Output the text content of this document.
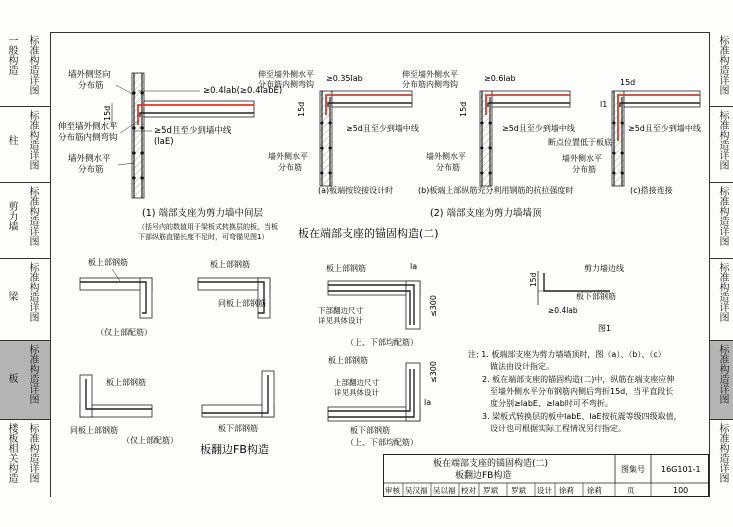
一般构造 标准构造详图
柱 标准构造详图
剪力墙 标准构造详图
梁 标准构造详图
板 标准构造详图
楼板相关构造 标准构造详图
标准构造详图
标准构造详图
标准构造详图
标准构造详图
标准构造详图
标准构造详图
≥0.4lab(≥0.4labE)
15d
≥5d且至少到墙中线
(laE)
墙外侧竖向
分布筋
伸至墙外侧水平
分布筋内侧弯钩
墙外侧水平
分布筋
(1) 端部支座为剪力墙中间层
（括号内的数值用于梁板式转换层的板，当板
下部纵筋直锚长度不足时，可弯锚见图1）
≥0.35lab
伸至墙外侧水平
分布筋内侧弯钩
15d
≥5d且至少到墙中线
墙外侧水平
分布筋
(a)板端按铰接设计时
≥0.6lab
伸至墙外侧水平
分布筋内侧弯钩
15d
≥5d且至少到墙中线
墙外侧水平
分布筋
(b)板端上部纵筋充分利用钢筋的抗拉强度时
l1
15d
≥5d且至少到墙中线
断点位置低于板底
墙外侧水平
分布筋
(c)搭接连接
(2) 端部支座为剪力墙墙顶
板在端部支座的锚固构造(二)
板上部钢筋
（仅上部配筋）
板上部钢筋
同板上部钢筋
板上部钢筋	la
下部翻边尺寸
详见具体设计
≤300
（上、下部均配筋）
板上部钢筋
同板上部钢筋
（仅上部配筋）
板下部钢筋
板上部钢筋
上部翻边尺寸
详见具体设计
≤300
la
板下部钢筋
（上、下部均配筋）
板翻边FB构造
剪力墙边线
板下部钢筋
15d
≥0.4lab
图1
注: 1. 板端部支座为剪力墙墙顶时，图（a）、（b）、（c）
做法由设计指定。
2. 板在端部支座的锚固构造(二)中，纵筋在端支座应伸
至墙外侧水平分布钢筋内侧后弯折15d，当平直段长
度分别≥labE、≥lab时可不弯折。
3. 梁板式转换层的板中labE、laE按抗震等级四级取值，
设计也可根据实际工程情况另行指定。
板在端部支座的锚固构造(二)
板翻边FB构造
图集号 16G101-1
审核 吴汉福 吴以福 校对 罗斌 罗斌 设计 徐莉 徐莉	页	100
